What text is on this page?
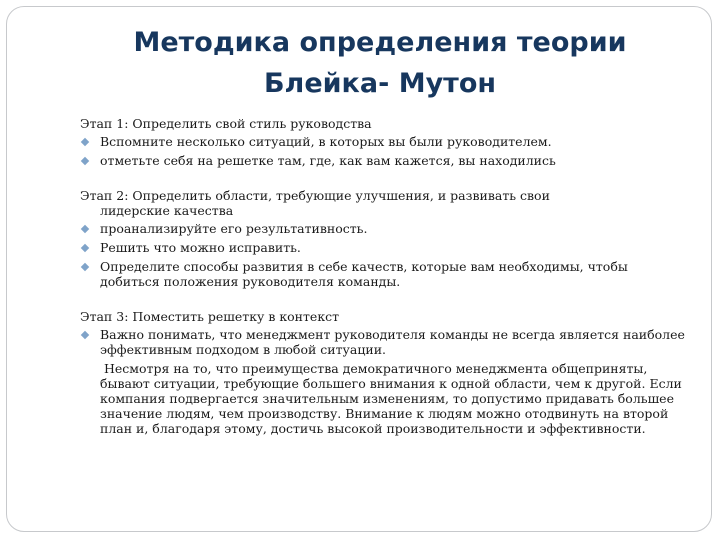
Методика определения теории
Блейка- Мутон
Этап 1: Определить свой стиль руководства
Вспомните несколько ситуаций, в которых вы были руководителем.
отметьте себя на решетке там, где, как вам кажется, вы находились
Этап 2: Определить области, требующие улучшения, и развивать свои
лидерские качества
проанализируйте его результативность.
Решить что можно исправить.
Определите способы развития в себе качеств, которые вам необходимы, чтобы добиться положения руководителя команды.
Этап 3: Поместить решетку в контекст
Важно понимать, что менеджмент руководителя команды не всегда является наиболее эффективным подходом в любой ситуации.
Несмотря на то, что преимущества демократичного менеджмента общеприняты, бывают ситуации, требующие большего внимания к одной области, чем к другой. Если компания подвергается значительным изменениям, то допустимо придавать большее значение людям, чем производству. Внимание к людям можно отодвинуть на второй план и, благодаря этому, достичь высокой производительности и эффективности.
